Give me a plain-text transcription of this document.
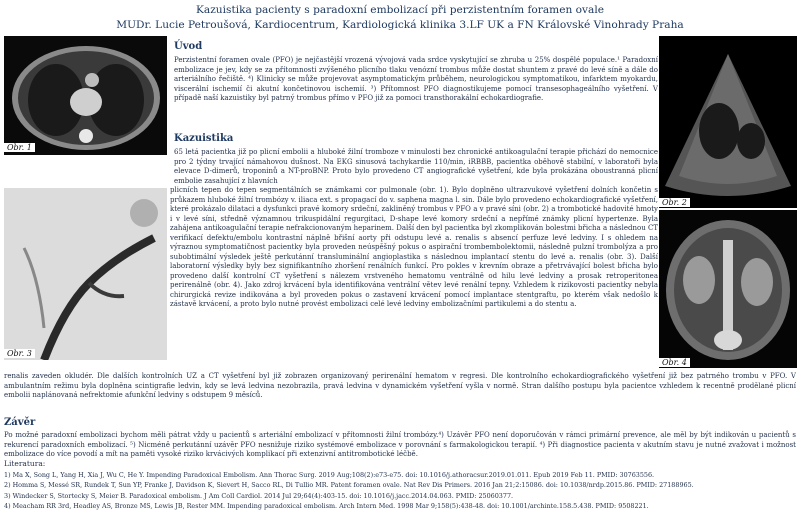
Kazuistika pacienty s paradoxní embolizací při perzistentním foramen ovale
MUDr. Lucie Petroušová, Kardiocentrum, Kardiologická klinika 3.LF UK a FN Královské Vinohrady Praha
Obr. 1
Úvod

Perzistentní foramen ovale (PFO) je nejčastější vrozená vývojová vada srdce vyskytující se zhruba u 25% dospělé populace.¹ Paradoxní embolizace je jev, kdy se za přítomnosti zvýšeného plicního tlaku venózní trombus může dostat shuntem z pravé do levé síně a dále do arteriálního řečiště. ⁴) Klinicky se může projevovat asymptomatickým průběhem, neurologickou symptomatikou, infarktem myokardu, viscerální ischemií či akutní končetinovou ischemií. ³) Přítomnost PFO diagnostikujeme pomocí transesophageálního vyšetření. V případě naší kazuistiky byl patrný trombus přímo v PFO již za pomoci transthorakální echokardiografie.

Obr. 2
Kazuistika

65 letá pacientka již po plicní embolii a hluboké žilní tromboze v minulosti bez chronické antikoagulační terapie přichází do nemocnice pro 2 týdny trvající námahovou dušnost. Na EKG sinusová tachykardie 110/min, iRBBB, pacientka oběhově stabilní, v laboratoři byla elevace D-dimerů, troponinů a NT-proBNP. Proto bylo provedeno CT angiografické vyšetření, kde byla prokázána oboustranná plicní embolie zasahující z hlavních

plicních tepen do tepen segmentálních se známkami cor pulmonale (obr. 1). Bylo doplněno ultrazvukové vyšetření dolních končetin s průkazem hluboké žilní trombózy v. iliaca ext. s propagací do v. saphena magna l. sin. Dále bylo provedeno echokardiografické vyšetření, které prokázalo dilataci a dysfunkci pravé komory srdeční, zakliněný trombus v PFO a v pravé síni (obr. 2) a trombotické hadovité hmoty i v levé síni, středně významnou trikuspidální regurgitaci, D-shape levé komory srdeční a nepřímé známky plicní hypertenze. Byla zahájena antikoagulační terapie nefrakcionovaným heparinem. Další den byl pacientka byl zkomplikován bolestmi břicha a následnou CT verifikací defektu/embolu kontrastní náplně břišní aorty při odstupu levé a. renalis s absencí perfuze levé ledviny. I s ohledem na výraznou symptomatičnost pacientky byla proveden neúspěšný pokus o aspirační trombembolektomii, následně pulzní trombolýza a pro subobtimální výsledek ještě perkutánní transluminální angioplastika s následnou implantací stentu do levé a. renalis (obr. 3). Další laboratorní výsledky byly bez signifikantního zhoršení renálních funkcí. Pro pokles v krevním obraze a přetrvávající bolest břicha bylo provedeno další kontrolní CT vyšetření s nálezem vrstveného hematomu ventrálně od hilu levé ledviny a prosak retroperitonea perirenálně (obr. 4). Jako zdroj krvácení byla identifikována ventrální větev levé renální tepny. Vzhledem k rizikovosti pacientky nebyla chirurgická revize indikována a byl proveden pokus o zastavení krvácení pomocí implantace stentgraftu, po kterém však nedošlo k zástavě krvácení, a proto bylo nutné provést embolizaci celé levé ledviny embolizačními partikulemi a do stentu a.

Obr. 3
Obr. 4

renalis zaveden okludér. Dle dalších kontrolních UZ a CT vyšetření byl již zobrazen organizovaný perirenální hematom v regresi. Dle kontrolního echokardiografického vyšetření již bez patrného trombu v PFO. V ambulantním režimu byla doplněna scintigrafie ledvin, kdy se levá ledvina nezobrazila, pravá ledvina v dynamickém vyšetření vyšla v normě. Stran dalšího postupu byla pacientce vzhledem k recentně prodělané plicní embolii naplánovaná nefrektomie afunkční ledviny s odstupem 9 měsíců.

Závěr

Po možné paradoxní embolizaci bychom měli pátrat vždy u pacientů s arteriální embolizací v přítomnosti žilní trombózy.⁴) Uzávěr PFO není doporučován v rámci primární prevence, ale měl by být indikován u pacientů s rekurencí paradoxních embolizací. ⁵) Nicméně perkutánní uzávěr PFO nesnižuje riziko systémové embolizace v porovnání s farmakologickou terapií. ⁴) Při diagnostice pacienta v akutním stavu je nutné zvažovat i možnost embolizace do více povodí a mít na paměti vysoké riziko krvácivých komplikací při extenzivní antitrombotické léčbě.

Literatura:
1) Ma X, Song L, Yang H, Xia J, Wu C, He Y. Impending Paradoxical Embolism. Ann Thorac Surg. 2019 Aug;108(2):e73-e75. doi: 10.1016/j.athoracsur.2019.01.011. Epub 2019 Feb 11. PMID: 30763556.
2) Homma S, Messé SR, Rundek T, Sun YP, Franke J, Davidson K, Sievert H, Sacco RL, Di Tullio MR. Patent foramen ovale. Nat Rev Dis Primers. 2016 Jan 21;2:15086. doi: 10.1038/nrdp.2015.86. PMID: 27188965.
3) Windecker S, Stortecky S, Meier B. Paradoxical embolism. J Am Coll Cardiol. 2014 Jul 29;64(4):403-15. doi: 10.1016/j.jacc.2014.04.063. PMID: 25060377.
4) Meacham RR 3rd, Headley AS, Bronze MS, Lewis JB, Rester MM. Impending paradoxical embolism. Arch Intern Med. 1998 Mar 9;158(5):438-48. doi: 10.1001/archinte.158.5.438. PMID: 9508221.
